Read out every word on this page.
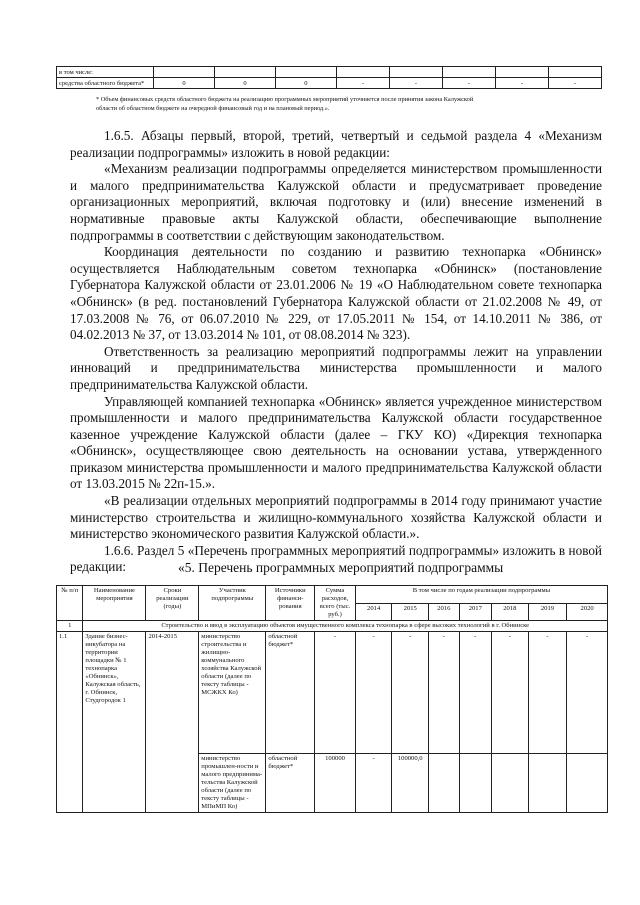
в том числе:								
средства областного бюджета*	0	0	0	-	-	-	-	-
* Объем финансовых средств областного бюджета на реализацию программных мероприятий уточняется после принятия закона Калужской
области об областном бюджете на очередной финансовый год и на плановый период.».

1.6.5. Абзацы первый, второй, третий, четвертый и седьмой раздела 4 «Механизм реализации подпрограммы» изложить в новой редакции:

«Механизм реализации подпрограммы определяется министерством промышленности и малого предпринимательства Калужской области и предусматривает проведение организационных мероприятий, включая подготовку и (или) внесение изменений в нормативные правовые акты Калужской области, обеспечивающие выполнение подпрограммы в соответствии с действующим законодательством.

Координация деятельности по созданию и развитию технопарка «Обнинск» осуществляется Наблюдательным советом технопарка «Обнинск» (постановление Губернатора Калужской области от 23.01.2006 № 19 «О Наблюдательном совете технопарка «Обнинск» (в ред. постановлений Губернатора Калужской области от 21.02.2008 № 49, от 17.03.2008 № 76, от 06.07.2010 № 229, от 17.05.2011 № 154, от 14.10.2011 № 386, от 04.02.2013 № 37, от 13.03.2014 № 101, от 08.08.2014 № 323).

Ответственность за реализацию мероприятий подпрограммы лежит на управлении инноваций и предпринимательства министерства промышленности и малого предпринимательства Калужской области.

Управляющей компанией технопарка «Обнинск» является учрежденное министерством промышленности и малого предпринимательства Калужской области государственное казенное учреждение Калужской области (далее – ГКУ КО) «Дирекция технопарка «Обнинск», осуществляющее свою деятельность на основании устава, утвержденного приказом министерства промышленности и малого предпринимательства Калужской области от 13.03.2015 № 22п-15.».

«В реализации отдельных мероприятий подпрограммы в 2014 году принимают участие министерство строительства и жилищно-коммунального хозяйства Калужской области и министерство экономического развития Калужской области.».

1.6.6. Раздел 5 «Перечень программных мероприятий подпрограммы» изложить в новой редакции:	«5. Перечень программных мероприятий подпрограммы
№ п/п	Наименование мероприятия	Сроки реализации (годы)	Участник подпрограммы	Источники финанси-рования	Сумма расходов, всего (тыс. руб.)	В том числе по годам реализации подпрограммы						
						2014	2015	2016	2017	2018	2019	2020
1	Строительство и ввод в эксплуатацию объектов имущественного комплекса технопарка в сфере высоких технологий в г. Обнинске											
1.1	Здание бизнес-инкубатора на территории площадки № 1 технопарка «Обнинск», Калужская область, г. Обнинск, Студгородок 1	2014-2015	министерство строительства и жилищно-коммунального хозяйства Калужской области (далее по тексту таблицы - МСЖКХ Ко)	областной бюджет*	-	-	-	-	-	-	-	-
			министерство промышлен-ности и малого предпринима-тельства Калужской области (далее по тексту таблицы - МПиМП Ко)	областной бюджет*	100000	-	100000,0					
